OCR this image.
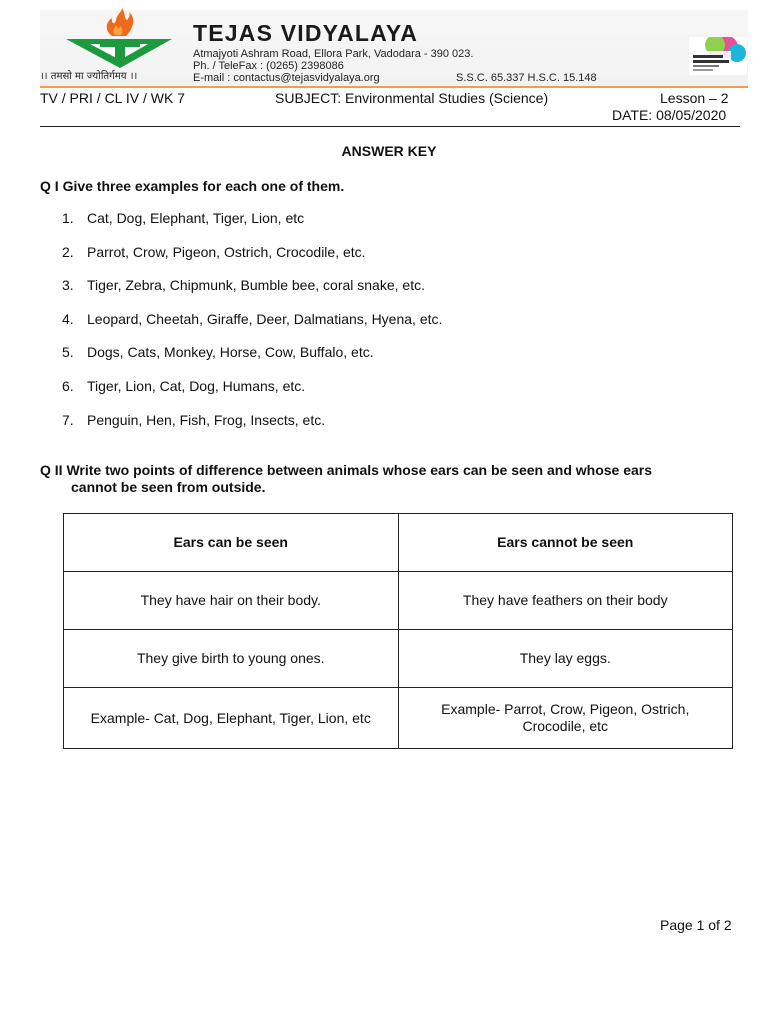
।। तमसो मा ज्योतिर्गमय ।।
TEJAS VIDYALAYA
Atmajyoti Ashram Road, Ellora Park, Vadodara - 390 023.
Ph. / TeleFax : (0265) 2398086
E-mail : contactus@tejasvidyalaya.org	S.S.C. 65.337 H.S.C. 15.148
TV / PRI / CL IV / WK 7	SUBJECT: Environmental Studies (Science)	Lesson – 2
DATE: 08/05/2020
ANSWER KEY
Q I Give three examples for each one of them.
1. Cat, Dog, Elephant, Tiger, Lion, etc
2. Parrot, Crow, Pigeon, Ostrich, Crocodile, etc.
3. Tiger, Zebra, Chipmunk, Bumble bee, coral snake, etc.
4. Leopard, Cheetah, Giraffe, Deer, Dalmatians, Hyena, etc.
5. Dogs, Cats, Monkey, Horse, Cow, Buffalo, etc.
6. Tiger, Lion, Cat, Dog, Humans, etc.
7. Penguin, Hen, Fish, Frog, Insects, etc.
Q II Write two points of difference between animals whose ears can be seen and whose ears
cannot be seen from outside.
Ears can be seen	Ears cannot be seen
They have hair on their body.	They have feathers on their body
They give birth to young ones.	They lay eggs.
Example- Cat, Dog, Elephant, Tiger, Lion, etc	Example- Parrot, Crow, Pigeon, Ostrich, Crocodile, etc
Page 1 of 2
